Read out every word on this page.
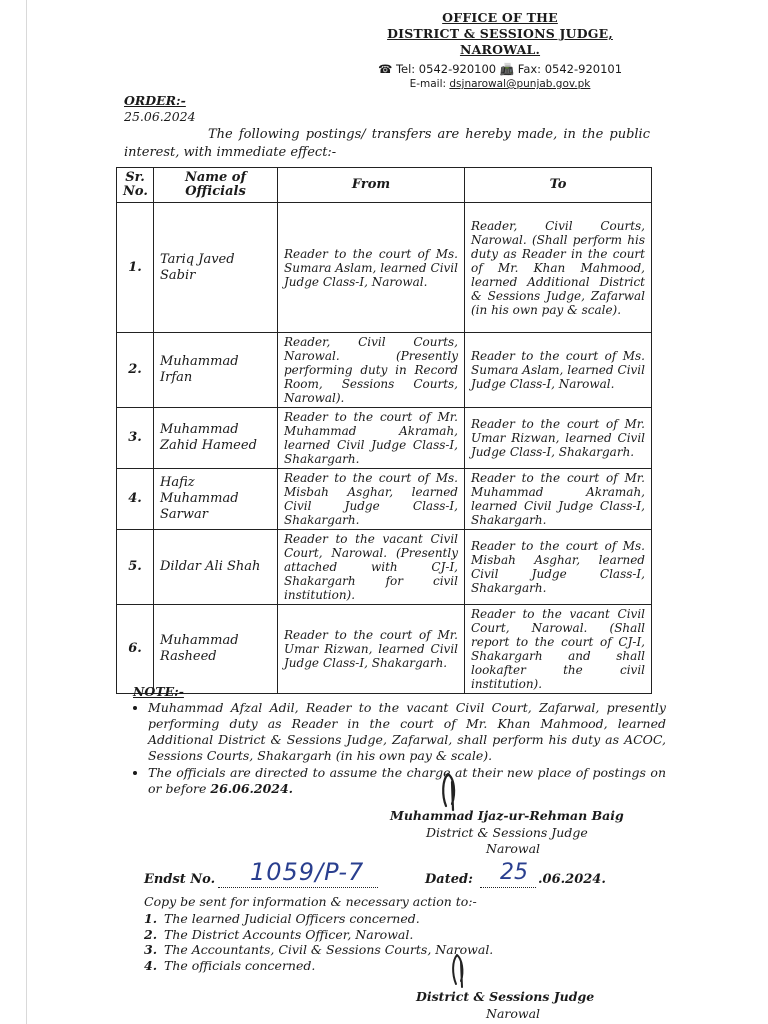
OFFICE OF THE
DISTRICT & SESSIONS JUDGE,
NAROWAL.
☎ Tel: 0542-920100 📠 Fax: 0542-920101
E-mail: dsjnarowal@punjab.gov.pk
ORDER:-
25.06.2024
The following postings/ transfers are hereby made, in the public interest, with immediate effect:-
Sr. No.	Name of Officials	From	To
1.	Tariq Javed Sabir	Reader to the court of Ms. Sumara Aslam, learned Civil Judge Class-I, Narowal.	Reader, Civil Courts, Narowal. (Shall perform his duty as Reader in the court of Mr. Khan Mahmood, learned Additional District & Sessions Judge, Zafarwal (in his own pay & scale).
2.	Muhammad Irfan	Reader, Civil Courts, Narowal. (Presently performing duty in Record Room, Sessions Courts, Narowal).	Reader to the court of Ms. Sumara Aslam, learned Civil Judge Class-I, Narowal.
3.	Muhammad Zahid Hameed	Reader to the court of Mr. Muhammad Akramah, learned Civil Judge Class-I, Shakargarh.	Reader to the court of Mr. Umar Rizwan, learned Civil Judge Class-I, Shakargarh.
4.	Hafiz Muhammad Sarwar	Reader to the court of Ms. Misbah Asghar, learned Civil Judge Class-I, Shakargarh.	Reader to the court of Mr. Muhammad Akramah, learned Civil Judge Class-I, Shakargarh.
5.	Dildar Ali Shah	Reader to the vacant Civil Court, Narowal. (Presently attached with CJ-I, Shakargarh for civil institution).	Reader to the court of Ms. Misbah Asghar, learned Civil Judge Class-I, Shakargarh.
6.	Muhammad Rasheed	Reader to the court of Mr. Umar Rizwan, learned Civil Judge Class-I, Shakargarh.	Reader to the vacant Civil Court, Narowal. (Shall report to the court of CJ-I, Shakargarh and shall lookafter the civil institution).
NOTE:-
• Muhammad Afzal Adil, Reader to the vacant Civil Court, Zafarwal, presently performing duty as Reader in the court of Mr. Khan Mahmood, learned Additional District & Sessions Judge, Zafarwal, shall perform his duty as ACOC, Sessions Courts, Shakargarh (in his own pay & scale).
• The officials are directed to assume the charge at their new place of postings on or before 26.06.2024.
Muhammad Ijaz-ur-Rehman Baig
District & Sessions Judge
Narowal
Endst No. 1059/P-7	Dated: 25 .06.2024.
Copy be sent for information & necessary action to:-
1. The learned Judicial Officers concerned.
2. The District Accounts Officer, Narowal.
3. The Accountants, Civil & Sessions Courts, Narowal.
4. The officials concerned.
District & Sessions Judge
Narowal
